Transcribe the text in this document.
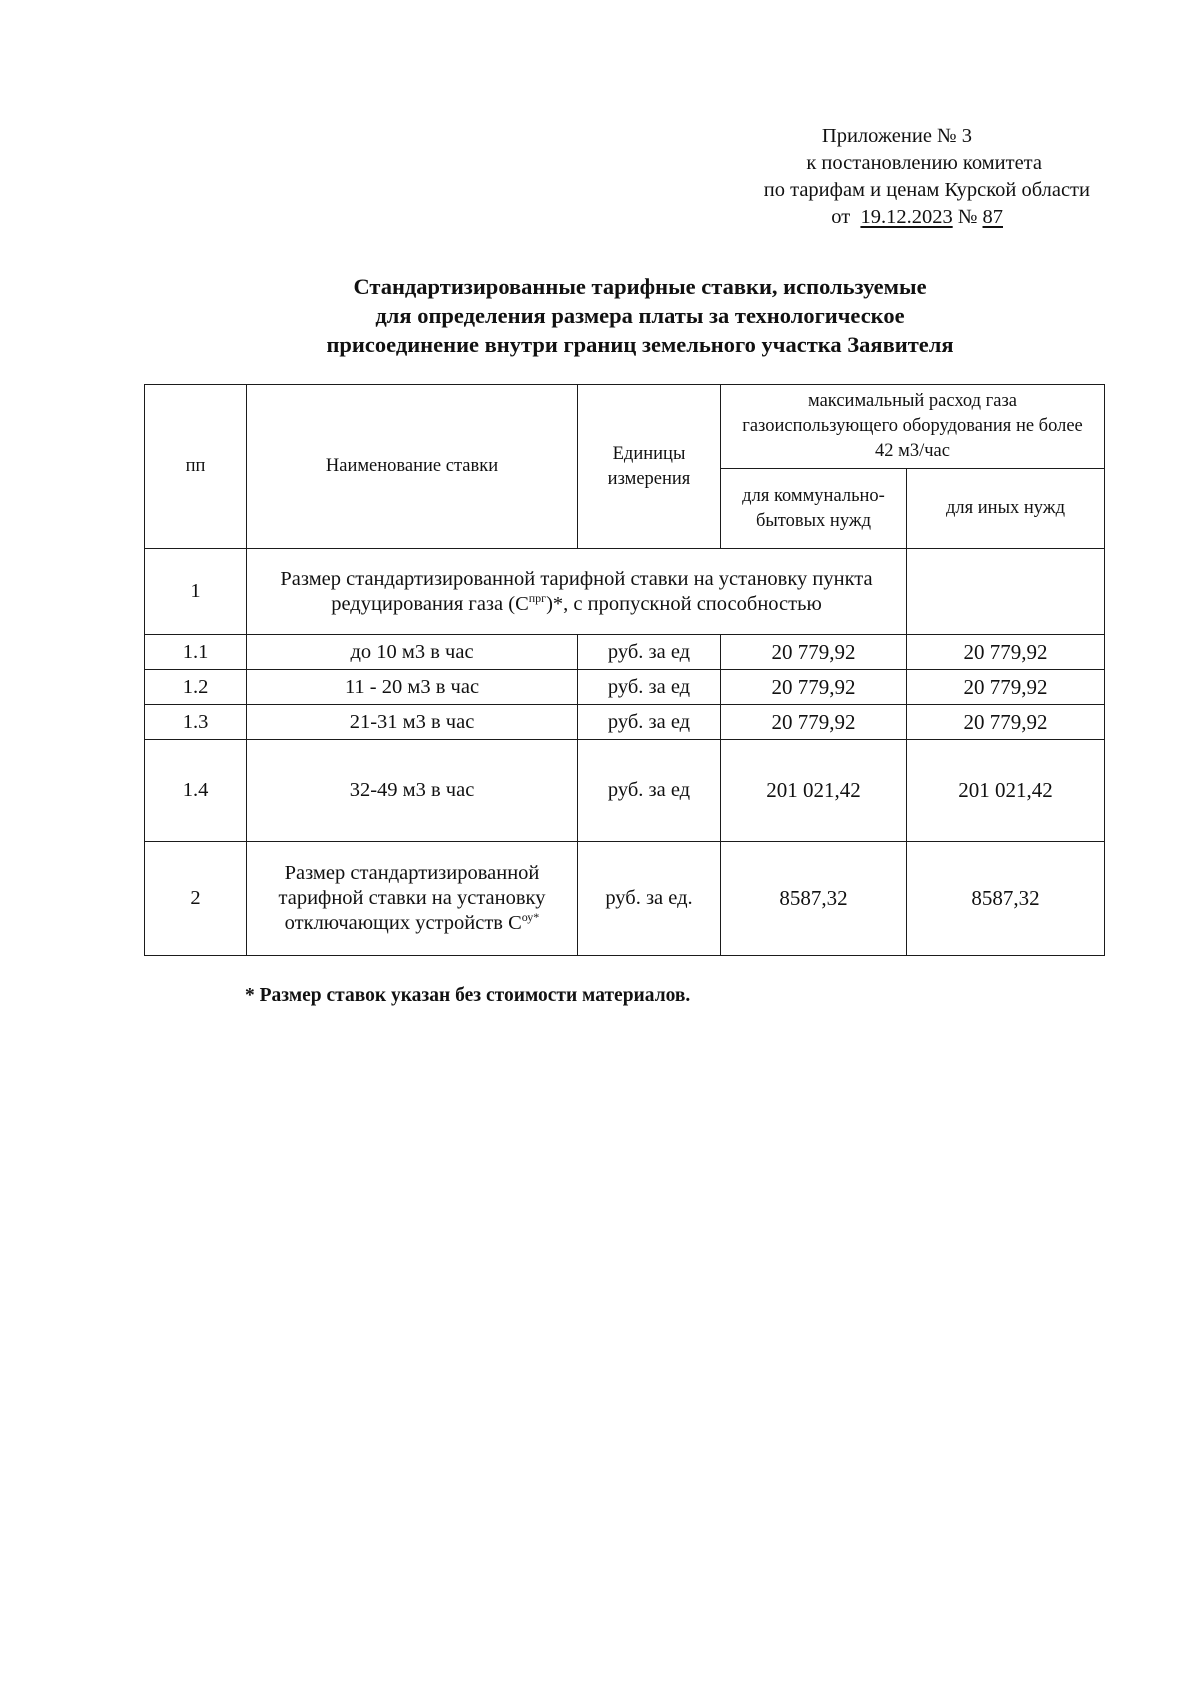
Приложение № 3
к постановлению комитета
по тарифам и ценам Курской области
от 19.12.2023 № 87
Стандартизированные тарифные ставки, используемые
для определения размера платы за технологическое
присоединение внутри границ земельного участка Заявителя
пп	Наименование ставки	Единицы измерения	максимальный расход газа газоиспользующего оборудования не более 42 м3/час	
			для коммунально-бытовых нужд	для иных нужд
1	Размер стандартизированной тарифной ставки на установку пункта редуцирования газа $(С^{прг})*$, с пропускной способностью			
1.1	до 10 м3 в час	руб. за ед	20 779,92	20 779,92
1.2	11 - 20 м3 в час	руб. за ед	20 779,92	20 779,92
1.3	21-31 м3 в час	руб. за ед	20 779,92	20 779,92
1.4	32-49 м3 в час	руб. за ед	201 021,42	201 021,42
2	Размер стандартизированной тарифной ставки на установку отключающих устройств $С^{оу*}$	руб. за ед.	8587,32	8587,32
* Размер ставок указан без стоимости материалов.
